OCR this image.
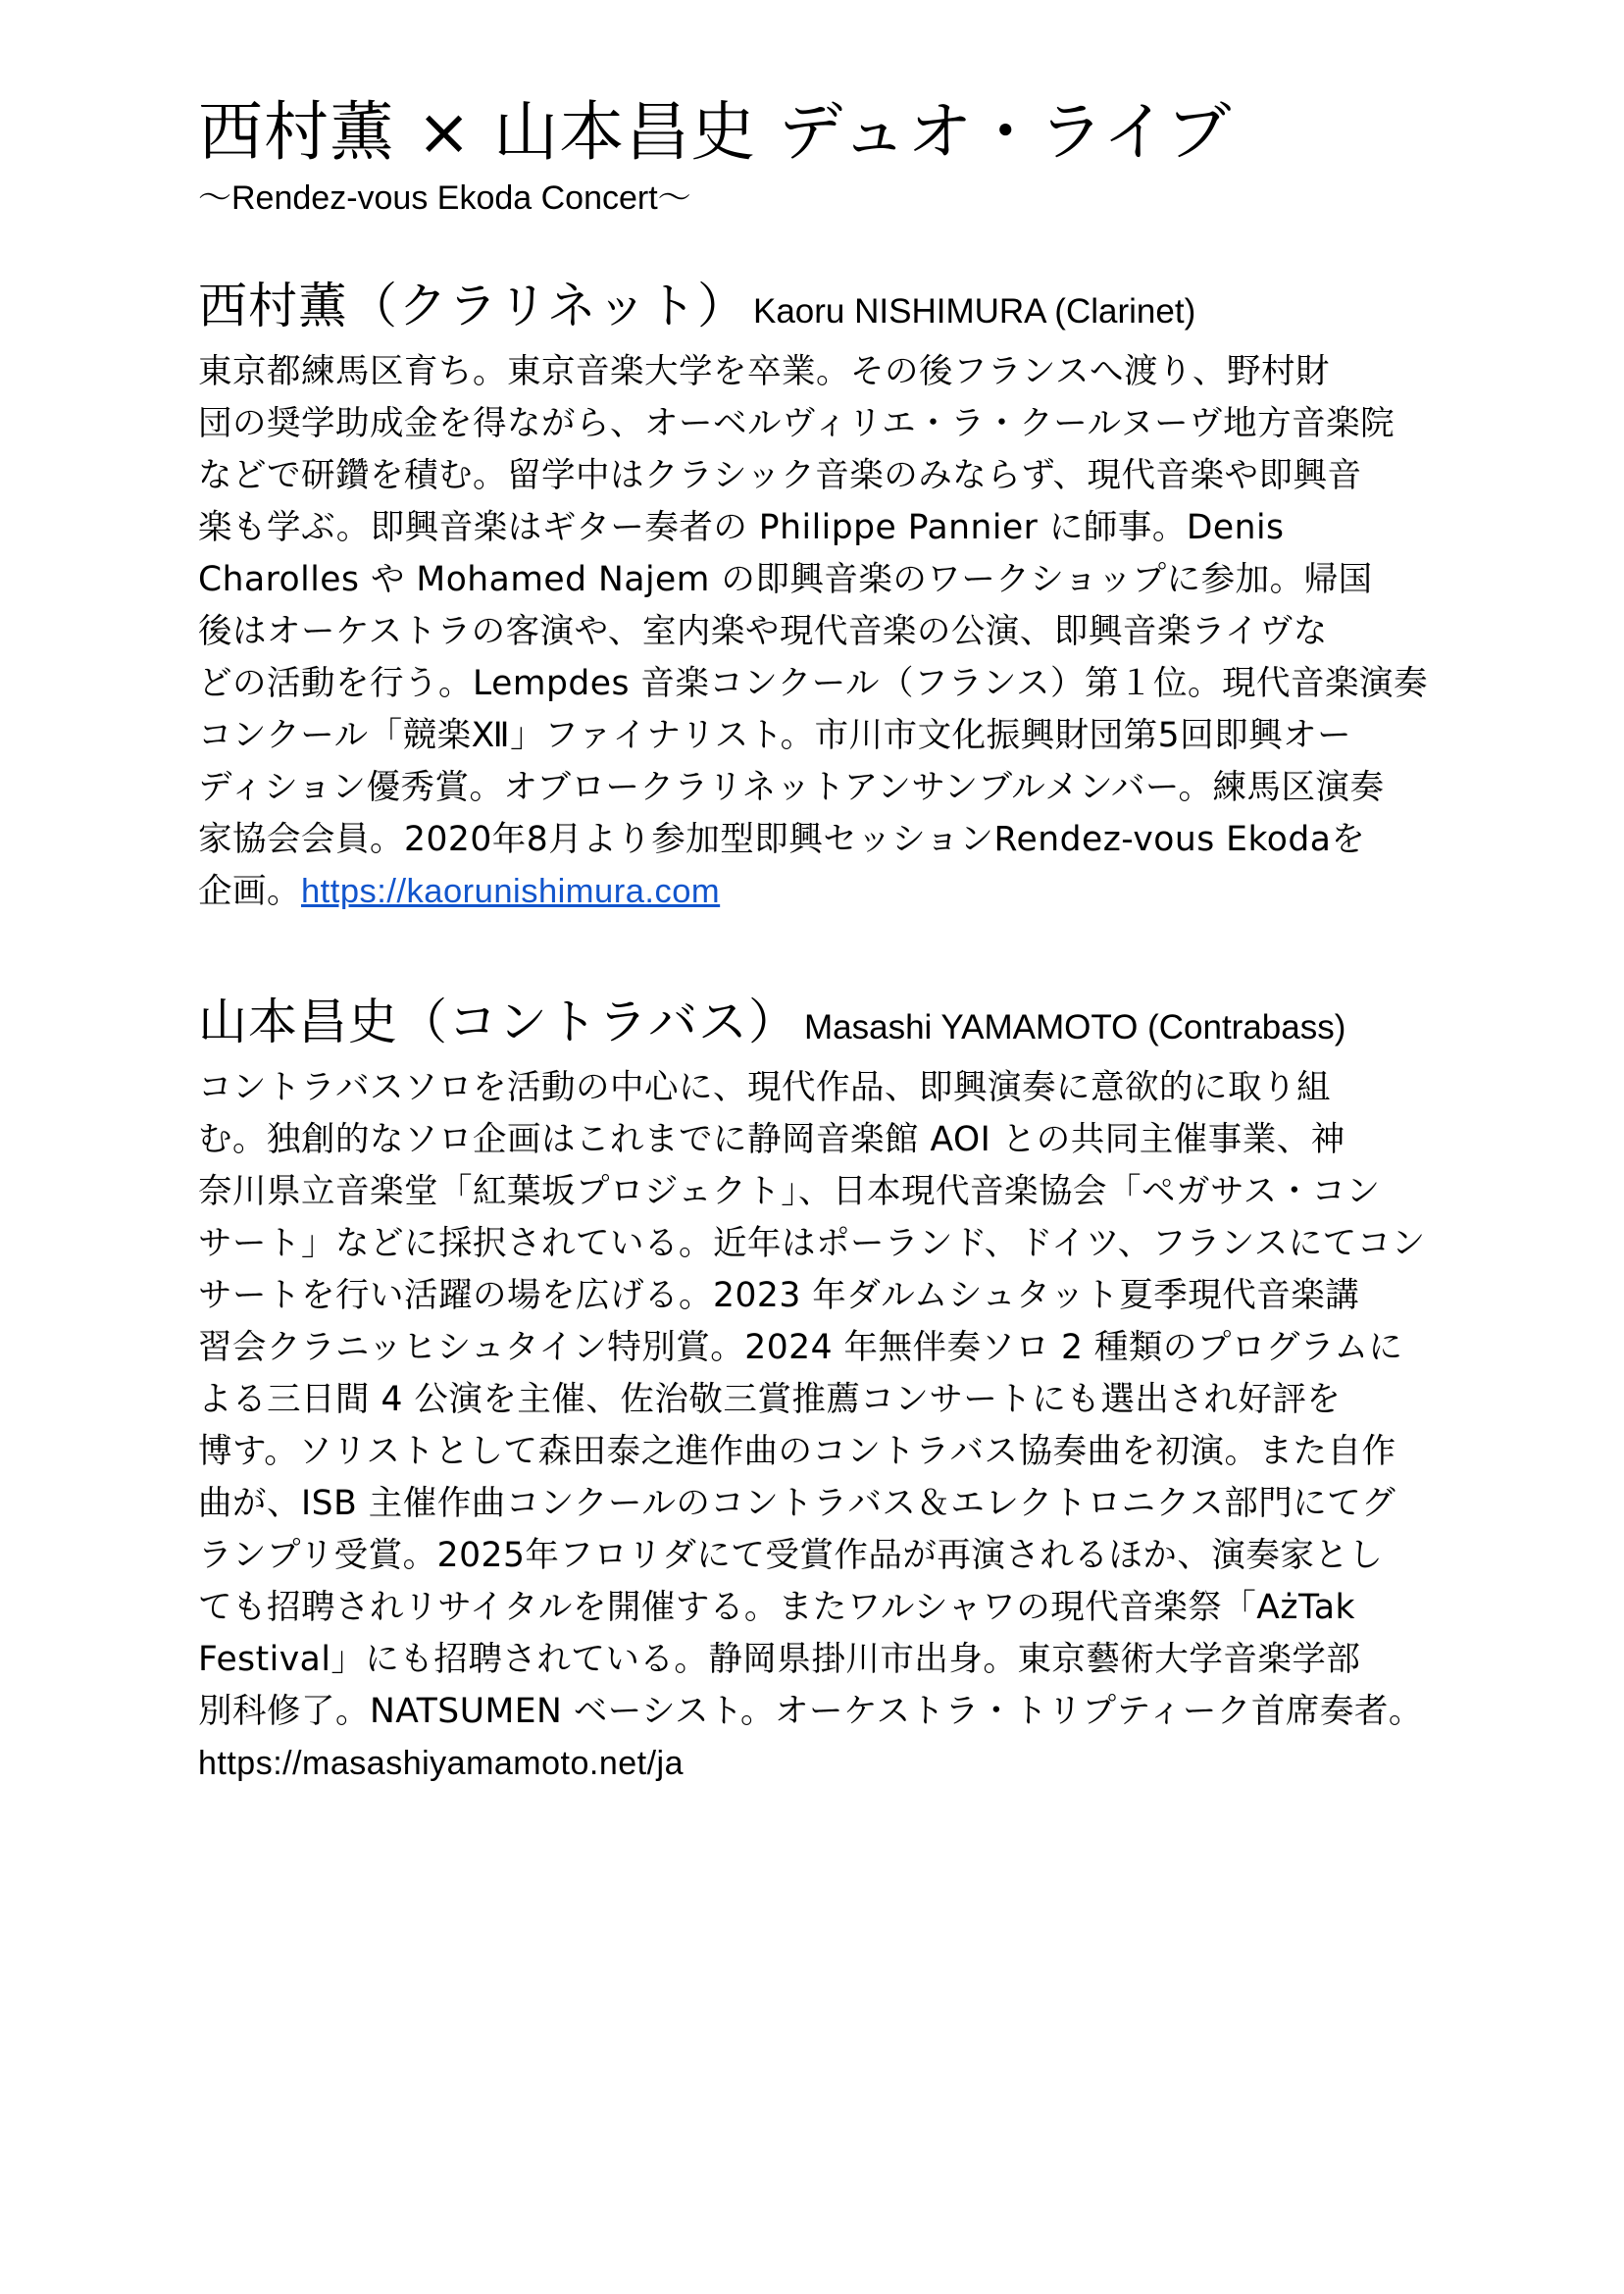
西村薫 × 山本昌史 デュオ・ライブ

〜Rendez-vous Ekoda Concert〜

西村薫（クラリネット） Kaoru NISHIMURA (Clarinet)
東京都練馬区育ち。東京音楽大学を卒業。その後フランスへ渡り、野村財
団の奨学助成金を得ながら、オーベルヴィリエ・ラ・クールヌーヴ地方音楽院
などで研鑽を積む。留学中はクラシック音楽のみならず、現代音楽や即興音
楽も学ぶ。即興音楽はギター奏者の Philippe Pannier に師事。Denis
Charolles や Mohamed Najem の即興音楽のワークショップに参加。帰国
後はオーケストラの客演や、室内楽や現代音楽の公演、即興音楽ライヴな
どの活動を行う。Lempdes 音楽コンクール（フランス）第１位。現代音楽演奏
コンクール「競楽Ⅻ」ファイナリスト。市川市文化振興財団第5回即興オー
ディション優秀賞。オブロークラリネットアンサンブルメンバー。練馬区演奏
家協会会員。2020年8月より参加型即興セッションRendez-vous Ekodaを
企画。https://kaorunishimura.com
山本昌史（コントラバス） Masashi YAMAMOTO (Contrabass)
コントラバスソロを活動の中心に、現代作品、即興演奏に意欲的に取り組
む。独創的なソロ企画はこれまでに静岡音楽館 AOI との共同主催事業、神
奈川県立音楽堂「紅葉坂プロジェクト」、日本現代音楽協会「ペガサス・コン
サート」などに採択されている。近年はポーランド、ドイツ、フランスにてコン
サートを行い活躍の場を広げる。2023 年ダルムシュタット夏季現代音楽講
習会クラニッヒシュタイン特別賞。2024 年無伴奏ソロ 2 種類のプログラムに
よる三日間 4 公演を主催、佐治敬三賞推薦コンサートにも選出され好評を
博す。ソリストとして森田泰之進作曲のコントラバス協奏曲を初演。また自作
曲が、ISB 主催作曲コンクールのコントラバス＆エレクトロニクス部門にてグ
ランプリ受賞。2025年フロリダにて受賞作品が再演されるほか、演奏家とし
ても招聘されリサイタルを開催する。またワルシャワの現代音楽祭「AżTak
Festival」にも招聘されている。静岡県掛川市出身。東京藝術大学音楽学部
別科修了。NATSUMEN ベーシスト。オーケストラ・トリプティーク首席奏者。
https://masashiyamamoto.net/ja
